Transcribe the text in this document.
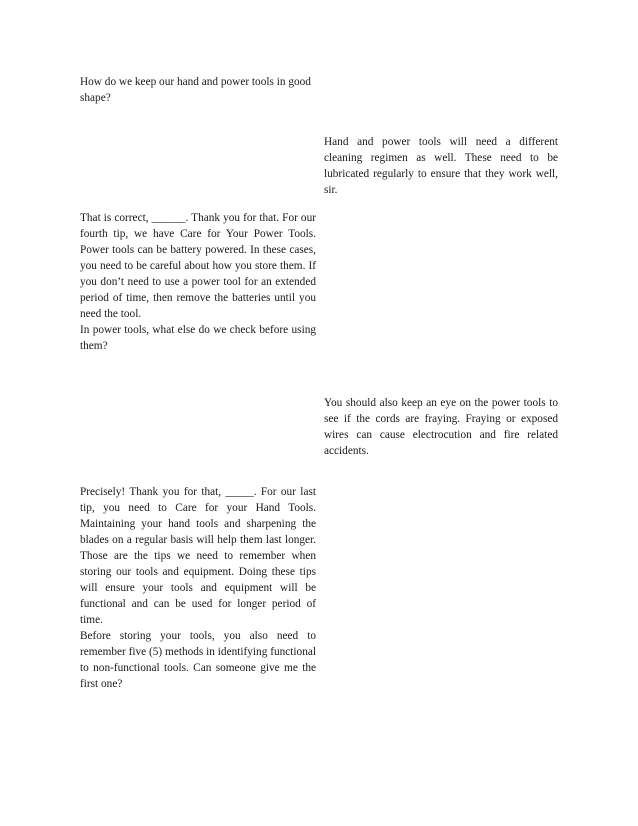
How do we keep our hand and power tools in good shape?

Hand and power tools will need a different cleaning regimen as well. These need to be lubricated regularly to ensure that they work well, sir.

That is correct, ______. Thank you for that. For our fourth tip, we have Care for Your Power Tools. Power tools can be battery powered. In these cases, you need to be careful about how you store them. If you don’t need to use a power tool for an extended period of time, then remove the batteries until you need the tool.

In power tools, what else do we check before using them?

You should also keep an eye on the power tools to see if the cords are fraying. Fraying or exposed wires can cause electrocution and fire related accidents.

Precisely! Thank you for that, _____. For our last tip, you need to Care for your Hand Tools. Maintaining your hand tools and sharpening the blades on a regular basis will help them last longer. Those are the tips we need to remember when storing our tools and equipment. Doing these tips will ensure your tools and equipment will be functional and can be used for longer period of time.

Before storing your tools, you also need to remember five (5) methods in identifying functional to non-functional tools. Can someone give me the first one?
